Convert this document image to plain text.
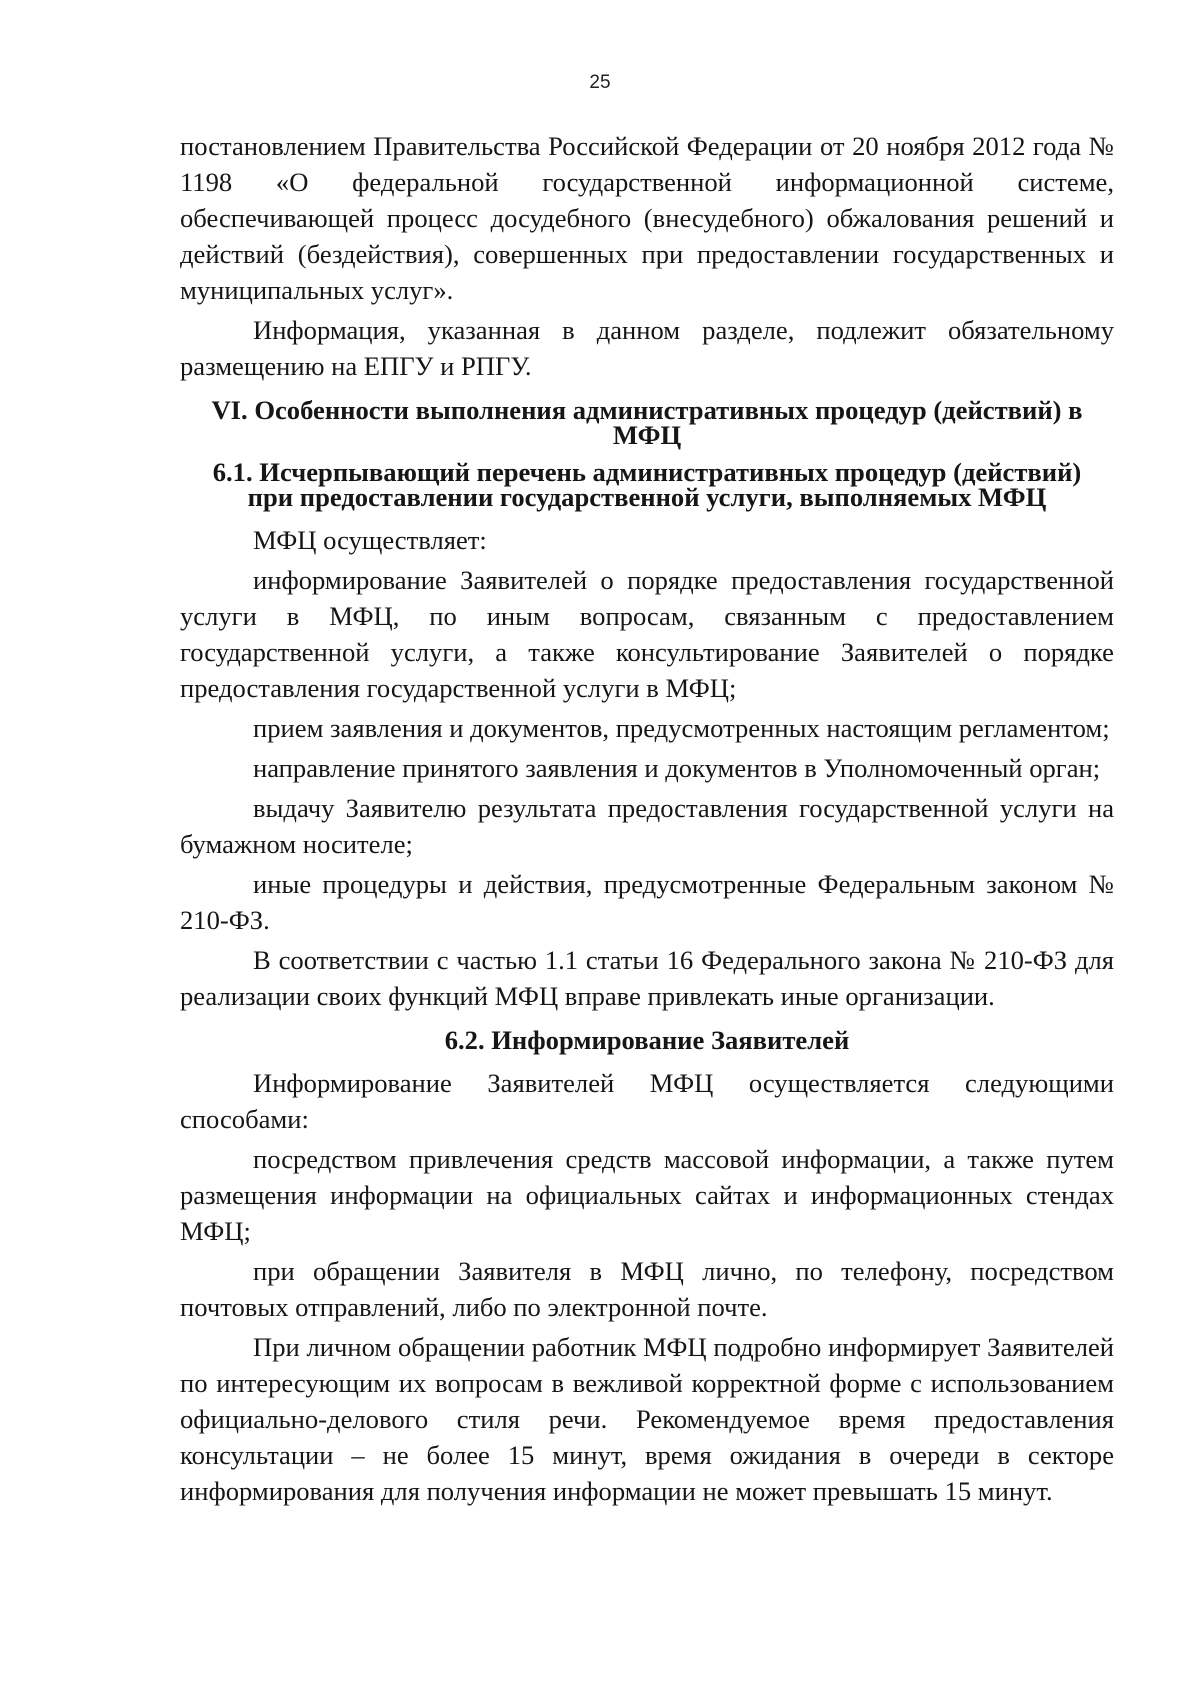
25

постановлением Правительства Российской Федерации от 20 ноября 2012 года № 1198 «О федеральной государственной информационной системе, обеспечивающей процесс досудебного (внесудебного) обжалования решений и действий (бездействия), совершенных при предоставлении государственных и муниципальных услуг».

Информация, указанная в данном разделе, подлежит обязательному размещению на ЕПГУ и РПГУ.

VI. Особенности выполнения административных процедур (действий) в
МФЦ
6.1. Исчерпывающий перечень административных процедур (действий)
при предоставлении государственной услуги, выполняемых МФЦ

МФЦ осуществляет:

информирование Заявителей о порядке предоставления государственной услуги в МФЦ, по иным вопросам, связанным с предоставлением государственной услуги, а также консультирование Заявителей о порядке предоставления государственной услуги в МФЦ;

прием заявления и документов, предусмотренных настоящим регламентом;

направление принятого заявления и документов в Уполномоченный орган;

выдачу Заявителю результата предоставления государственной услуги на бумажном носителе;

иные процедуры и действия, предусмотренные Федеральным законом № 210-ФЗ.

В соответствии с частью 1.1 статьи 16 Федерального закона № 210-ФЗ для реализации своих функций МФЦ вправе привлекать иные организации.

6.2. Информирование Заявителей

Информирование Заявителей МФЦ осуществляется следующими способами:

посредством привлечения средств массовой информации, а также путем размещения информации на официальных сайтах и информационных стендах МФЦ;

при обращении Заявителя в МФЦ лично, по телефону, посредством почтовых отправлений, либо по электронной почте.

При личном обращении работник МФЦ подробно информирует Заявителей по интересующим их вопросам в вежливой корректной форме с использованием официально-делового стиля речи. Рекомендуемое время предоставления консультации – не более 15 минут, время ожидания в очереди в секторе информирования для получения информации не может превышать 15 минут.
